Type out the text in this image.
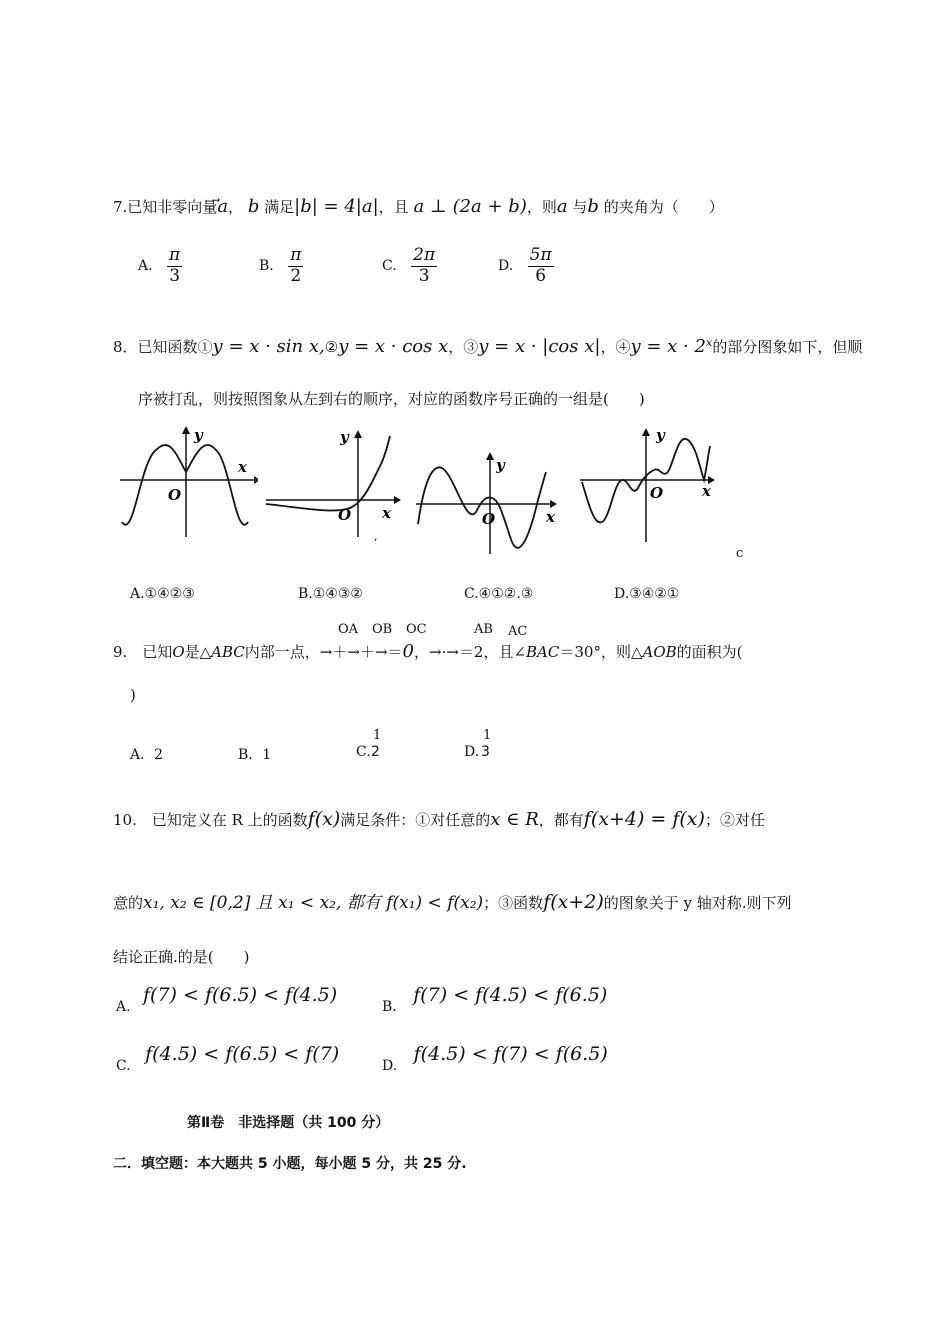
7.已知非零向量a， b 满足|b| = 4|a|，且 a ⊥ (2a + b)，则a 与b 的夹角为（　　）
A. $\frac{\pi}{3}$	B. $\frac{\pi}{2}$	C. $\frac{2\pi}{3}$	D. $\frac{5\pi}{6}$
8．已知函数①y = x · sin x,②y = x · cos x，③y = x · |cos x|，④y = x · 2ˣ的部分图象如下，但顺
序被打乱，则按照图象从左到右的顺序，对应的函数序号正确的一组是(　　)
y
x
O
y
x
O
,
y
x
O
y
x
O
c
A.①④②③	B.①④③②	C.④①②.③	D.③④②①
OA OB OC	AB AC
9.　已知O是△ABC内部一点，→＋→＋→＝0，→·→＝2，且∠BAC＝30°，则△AOB的面积为(
)
A．2	B．1
1
C. 2
1
D. 3
10.　已知定义在 R 上的函数f(x)满足条件：①对任意的x ∈ R，都有f(x+4) = f(x)；②对任
意的x₁, x₂ ∈ [0,2] 且 x₁ < x₂, 都有 f(x₁) < f(x₂)；③函数f(x+2)的图象关于 y 轴对称.则下列
结论正确.的是(　　)
A. f(7) < f(6.5) < f(4.5)
B. f(7) < f(4.5) < f(6.5)
C. f(4.5) < f(6.5) < f(7)
D. f(4.5) < f(7) < f(6.5)
第Ⅱ卷　非选择题（共 100 分）
二．填空题：本大题共 5 小题，每小题 5 分，共 25 分.
